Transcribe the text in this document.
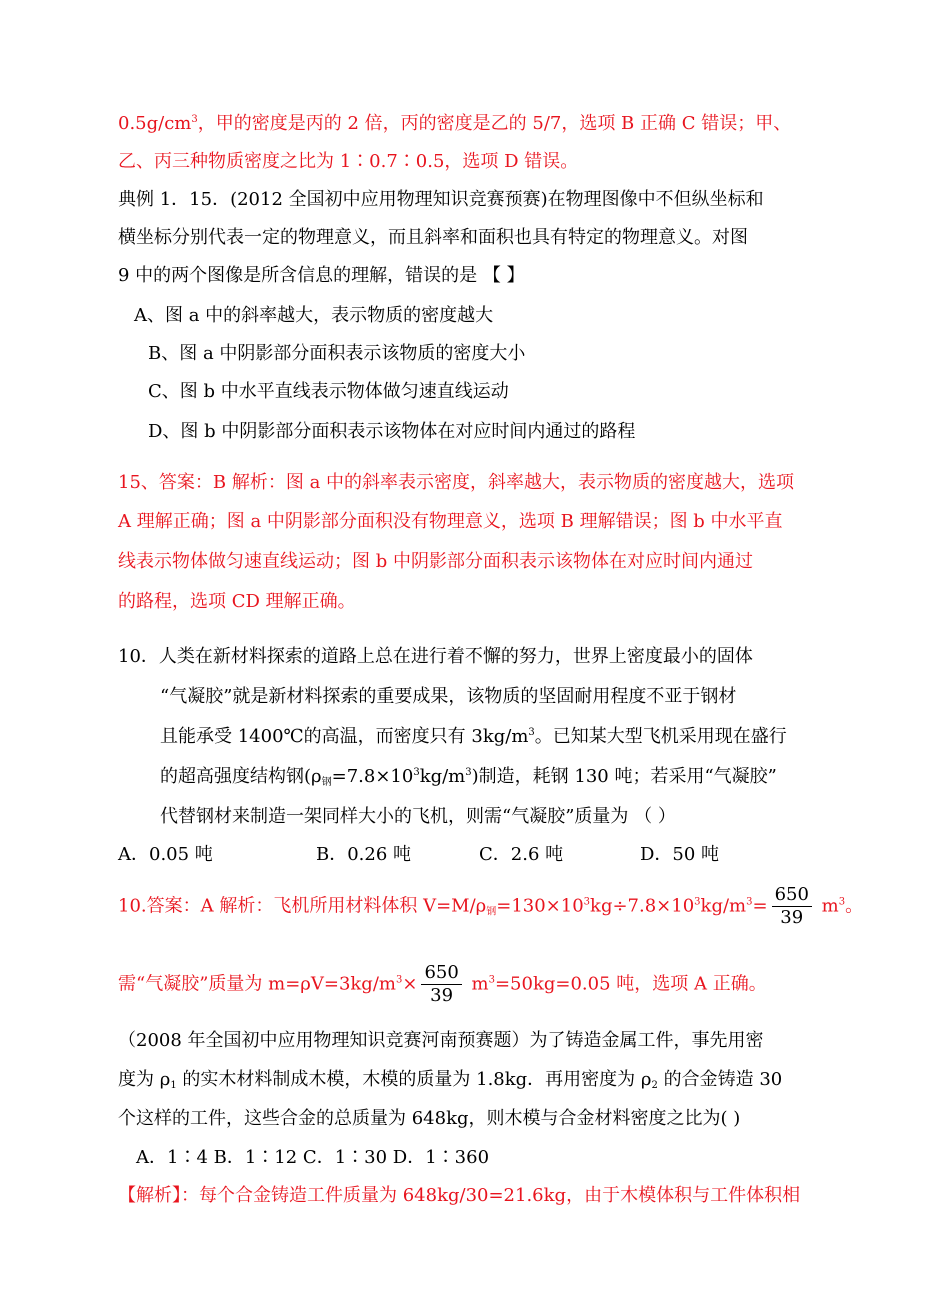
$0.5g/cm^3$，甲的密度是丙的 2 倍，丙的密度是乙的 5/7，选项 B 正确 C 错误；甲、
乙、丙三种物质密度之比为 1∶0.7∶0.5，选项 D 错误。
典例 1．15．(2012 全国初中应用物理知识竞赛预赛)在物理图像中不但纵坐标和
横坐标分别代表一定的物理意义，而且斜率和面积也具有特定的物理意义。对图
9 中的两个图像是所含信息的理解，错误的是 【 】
A、图 a 中的斜率越大，表示物质的密度越大
B、图 a 中阴影部分面积表示该物质的密度大小
C、图 b 中水平直线表示物体做匀速直线运动
D、图 b 中阴影部分面积表示该物体在对应时间内通过的路程
15、答案：B 解析：图 a 中的斜率表示密度，斜率越大，表示物质的密度越大，选项
A 理解正确；图 a 中阴影部分面积没有物理意义，选项 B 理解错误；图 b 中水平直
线表示物体做匀速直线运动；图 b 中阴影部分面积表示该物体在对应时间内通过
的路程，选项 CD 理解正确。
10．人类在新材料探索的道路上总在进行着不懈的努力，世界上密度最小的固体
“气凝胶”就是新材料探索的重要成果，该物质的坚固耐用程度不亚于钢材
且能承受 1400℃的高温，而密度只有 $3kg/m^3$。已知某大型飞机采用现在盛行
的超高强度结构钢$(\rho_钢=7.8\times 10^3kg/m^3)$制造，耗钢 130 吨；若采用“气凝胶”
代替钢材来制造一架同样大小的飞机，则需“气凝胶”质量为 （ ）
A．0.05 吨	B．0.26 吨	C．2.6 吨	D．50 吨
10.答案：A 解析：飞机所用材料体积 $V=M/\rho_钢=130\times 10^3kg\div 7.8\times 10^3kg/m^3= \frac{650}{39} m^3$。
需“气凝胶”质量为 $m=\rho V=3kg/m^3\times \frac{650}{39} m^3=50kg=0.05$ 吨，选项 A 正确。
（2008 年全国初中应用物理知识竞赛河南预赛题）为了铸造金属工件，事先用密
度为 $\rho_1$ 的实木材料制成木模，木模的质量为 1.8kg．再用密度为 $\rho_2$ 的合金铸造 30
个这样的工件，这些合金的总质量为 648kg，则木模与合金材料密度之比为( )
A．1∶4 B．1∶12 C．1∶30 D．1∶360
【解析】：每个合金铸造工件质量为 648kg/30=21.6kg，由于木模体积与工件体积相
